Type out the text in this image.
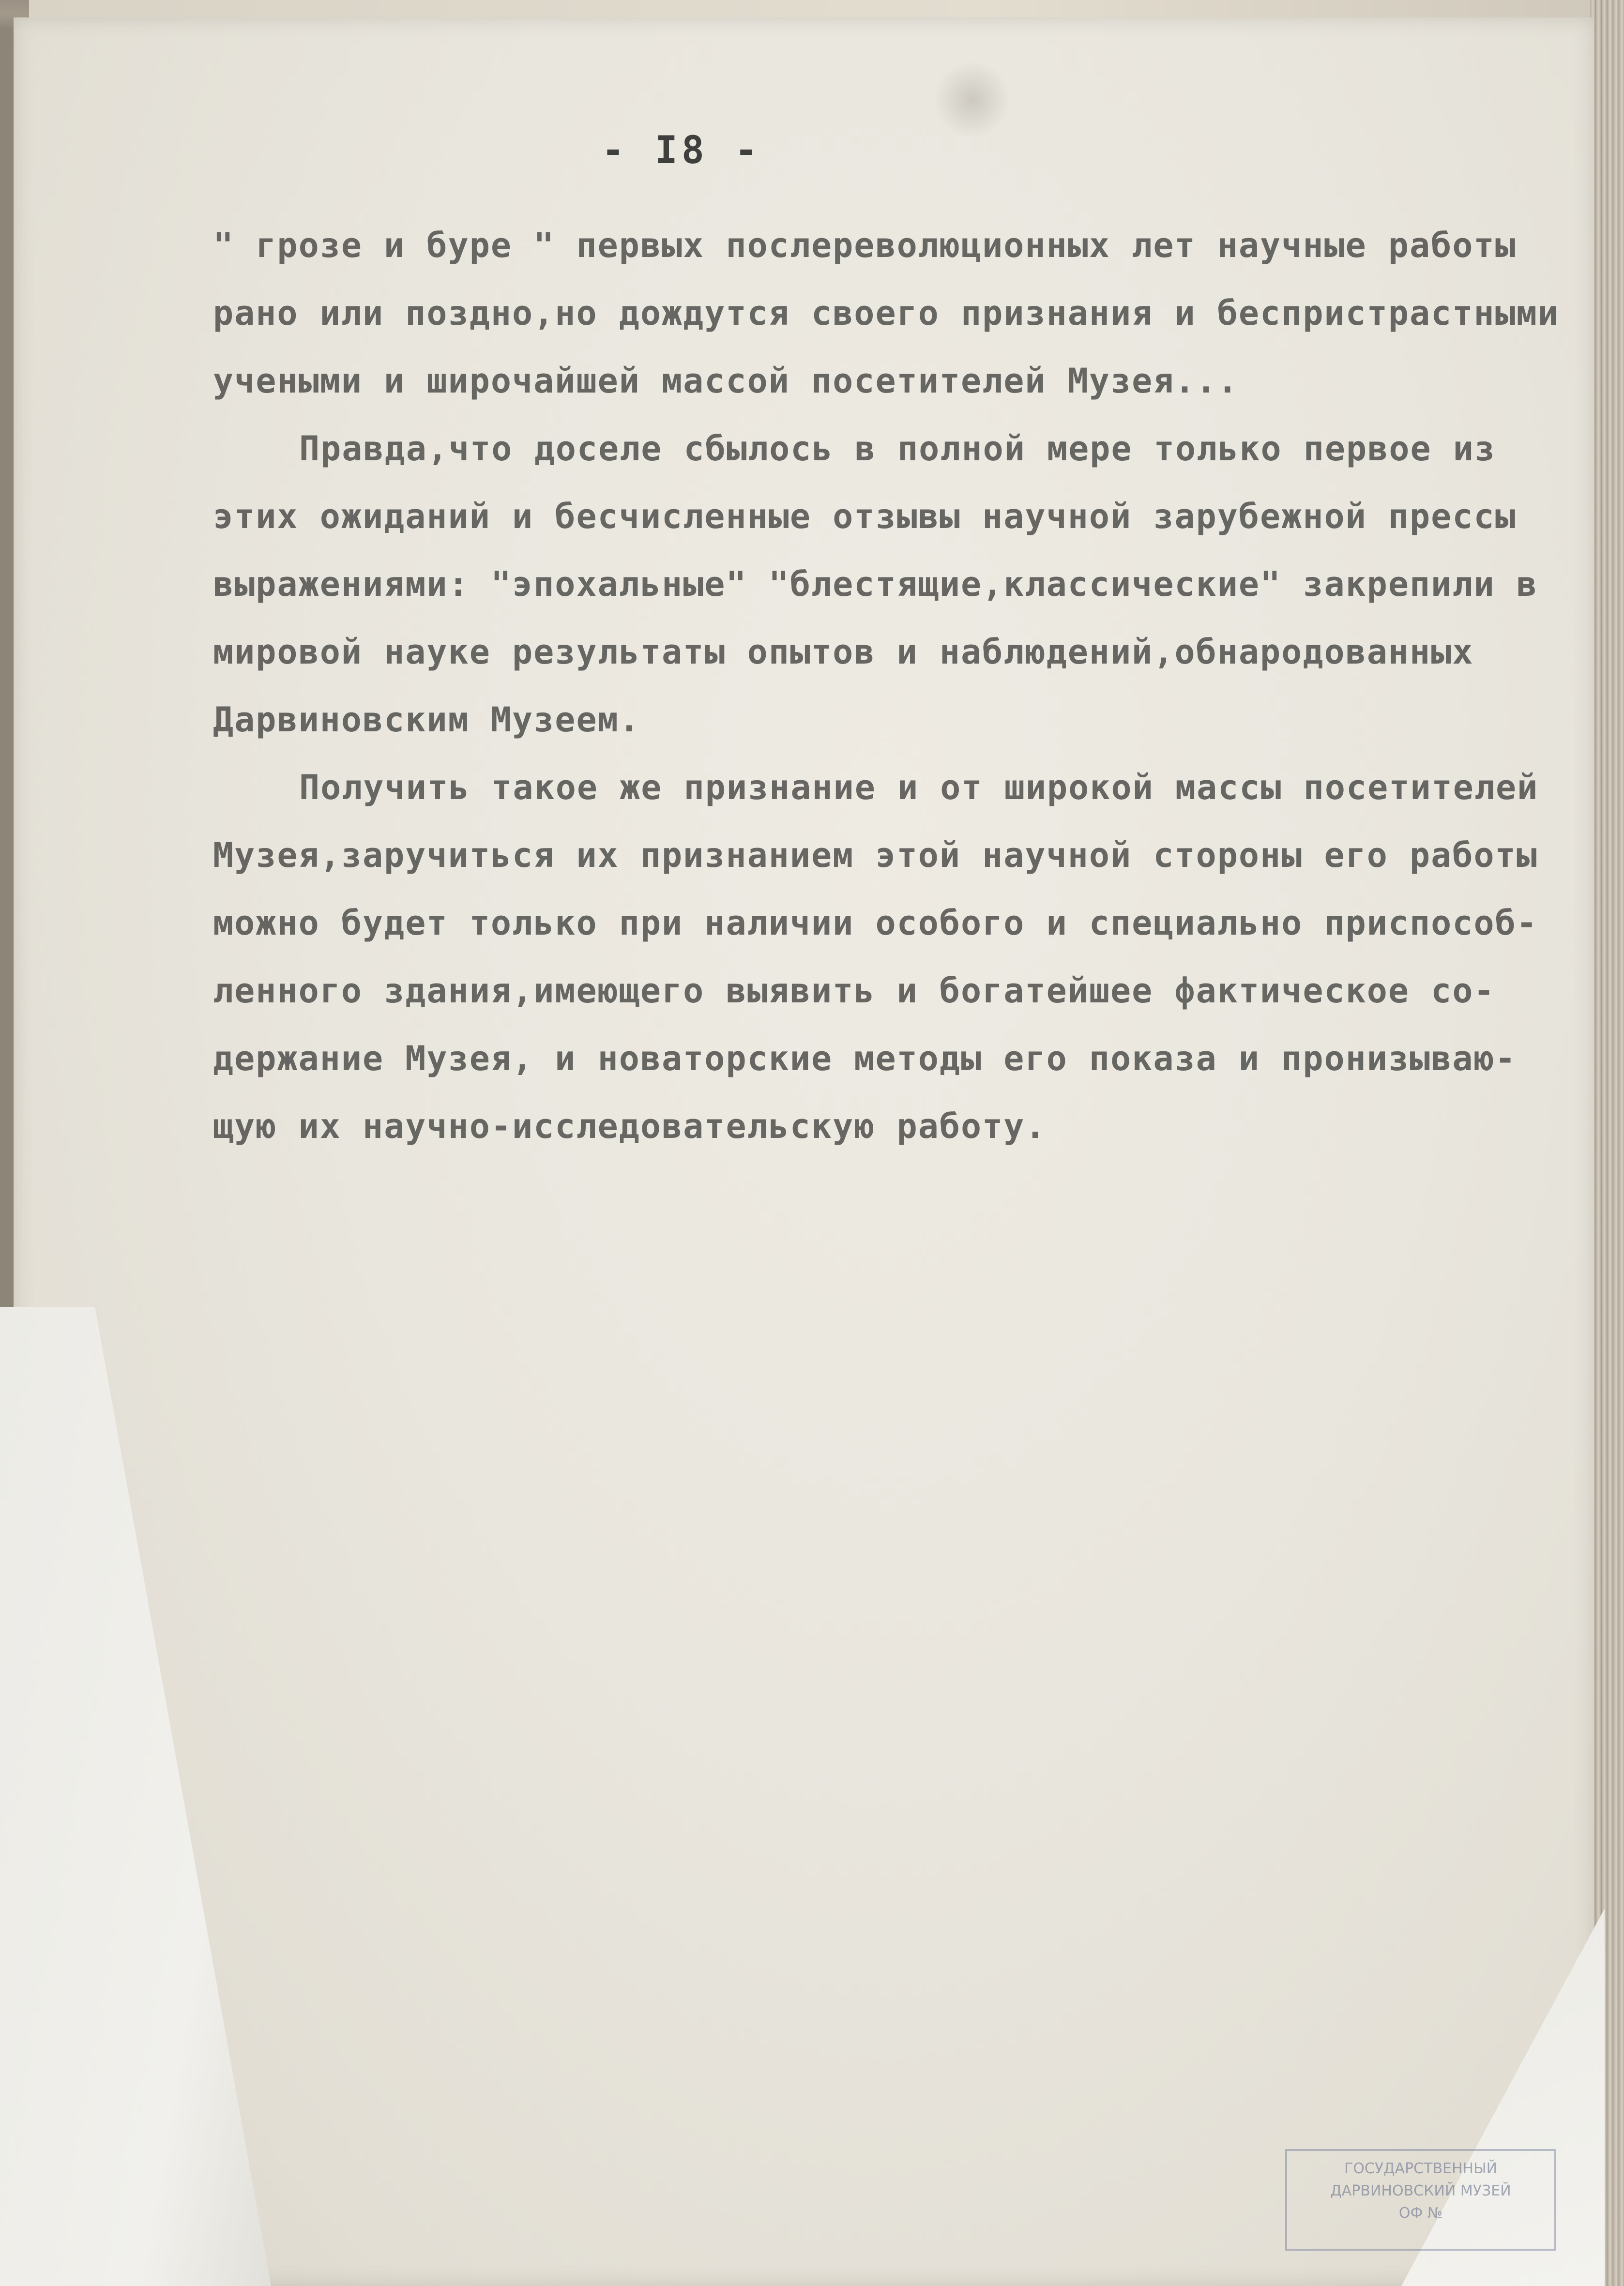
- I8 -
" грозе и буре " первых послереволюционных лет научные работы
рано или поздно,но дождутся своего признания и беспристрастными
учеными и широчайшей массой посетителей Музея...
Правда,что доселе сбылось в полной мере только первое из
этих ожиданий и бесчисленные отзывы научной зарубежной прессы
выражениями: "эпохальные" "блестящие,классические" закрепили в
мировой науке результаты опытов и наблюдений,обнародованных
Дарвиновским Музеем.
Получить такое же признание и от широкой массы посетителей
Музея,заручиться их признанием этой научной стороны его работы
можно будет только при наличии особого и специально приспособ-
ленного здания,имеющего выявить и богатейшее фактическое со-
держание Музея, и новаторские методы его показа и пронизываю-
щую их научно-исследовательскую работу.
ГОСУДАРСТВЕННЫЙ
ДАРВИНОВСКИЙ МУЗЕЙ
ОФ №
